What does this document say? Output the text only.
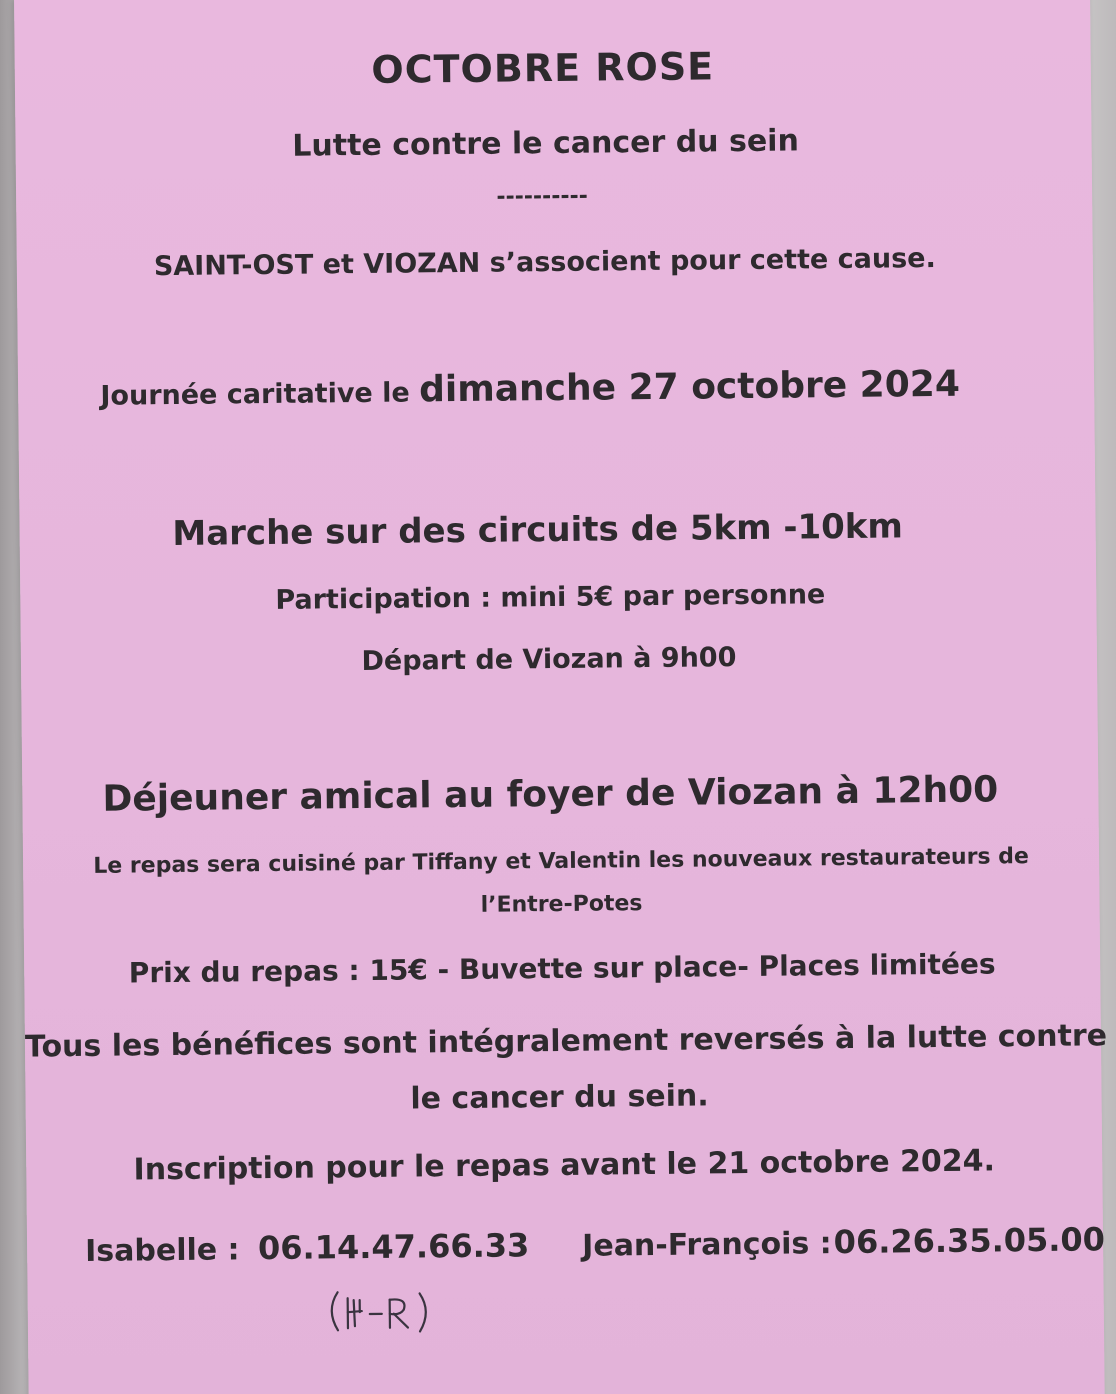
OCTOBRE ROSE
Lutte contre le cancer du sein
----------
SAINT-OST et VIOZAN s’associent pour cette cause.
Journée caritative le dimanche 27 octobre 2024
Marche sur des circuits de 5km -10km
Participation : mini 5€ par personne
Départ de Viozan à 9h00
Déjeuner amical au foyer de Viozan à 12h00
Le repas sera cuisiné par Tiffany et Valentin les nouveaux restaurateurs de
l’Entre-Potes
Prix du repas : 15€ - Buvette sur place- Places limitées
Tous les bénéfices sont intégralement reversés à la lutte contre
le cancer du sein.
Inscription pour le repas avant le 21 octobre 2024.
Isabelle : 06.14.47.66.33 Jean-François :06.26.35.05.00
